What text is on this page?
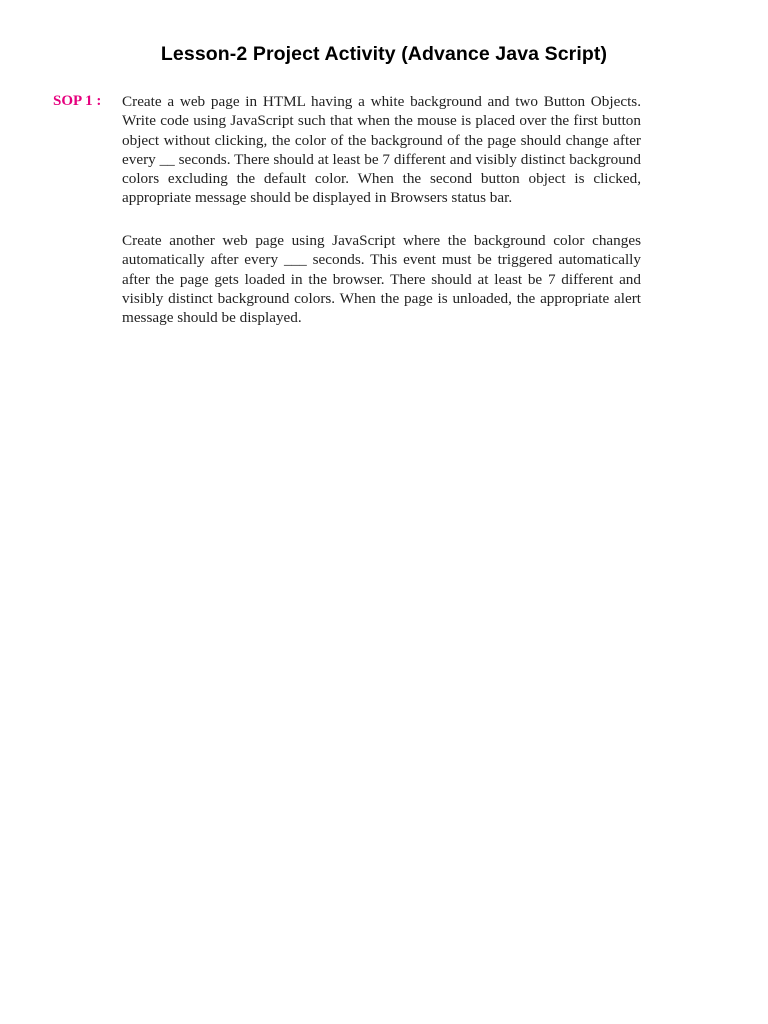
Lesson-2 Project Activity (Advance Java Script)
SOP 1 : Create a web page in HTML having a white background and two Button Objects. Write code using JavaScript such that when the mouse is placed over the first button object without clicking, the color of the background of the page should change after every __ seconds. There should at least be 7 different and visibly distinct background colors excluding the default color. When the second button object is clicked, appropriate message should be displayed in Browsers status bar.

Create another web page using JavaScript where the background color changes automatically after every ___ seconds. This event must be triggered automatically after the page gets loaded in the browser. There should at least be 7 different and visibly distinct background colors. When the page is unloaded, the appropriate alert message should be displayed.
